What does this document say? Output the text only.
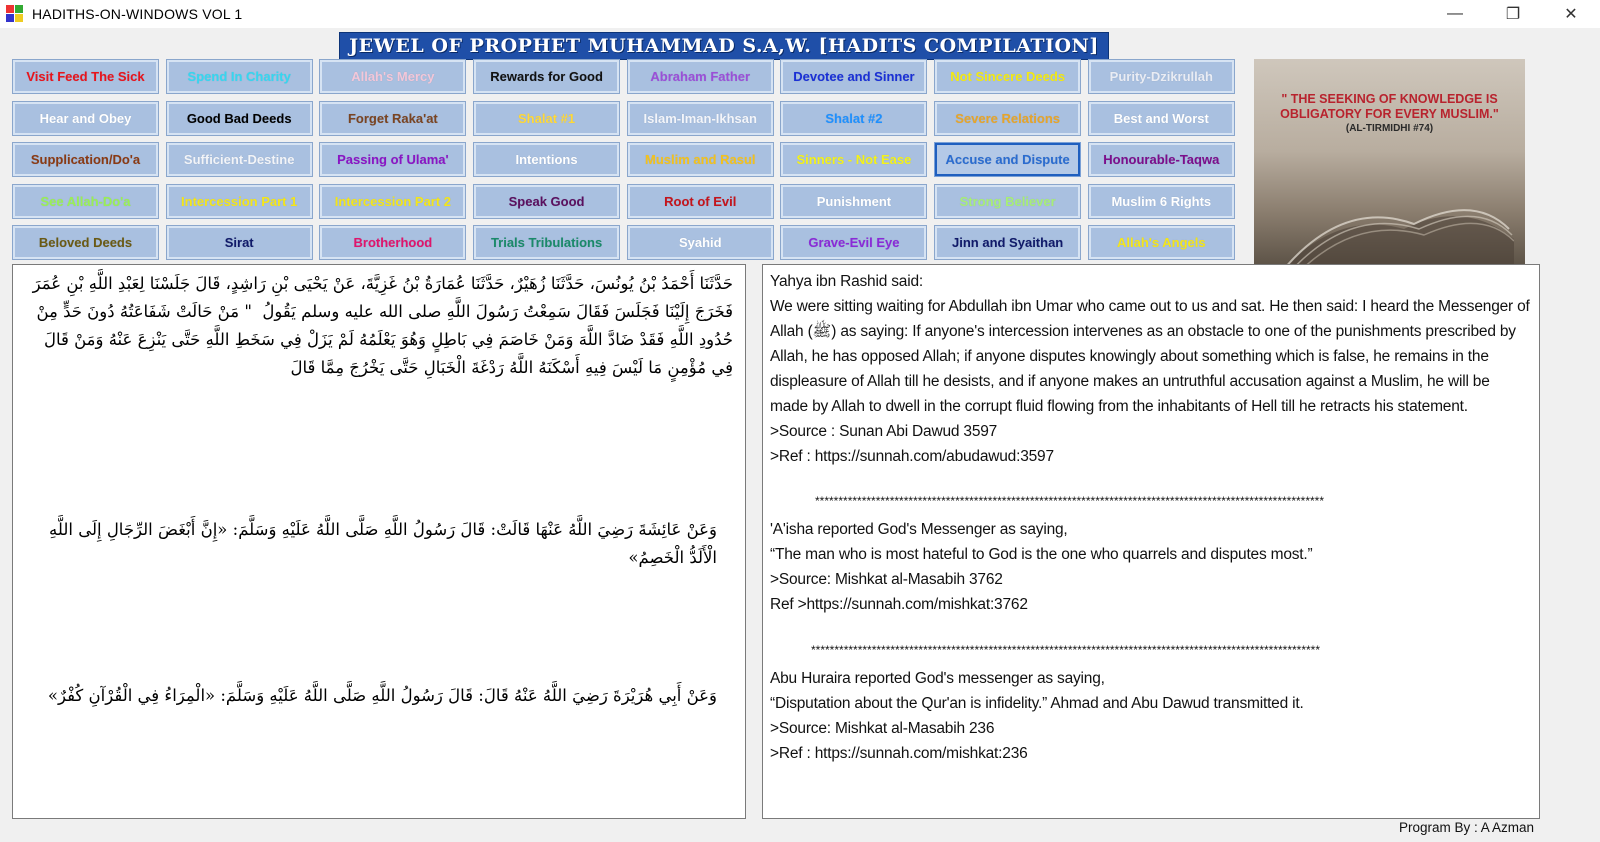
HADITHS-ON-WINDOWS VOL 1	—	❐	✕
JEWEL OF PROPHET MUHAMMAD S.A,W. [HADITS COMPILATION]
Visit Feed The Sick	Spend In Charity	Allah's Mercy	Rewards for Good	Abraham Father	Devotee and Sinner	Not Sincere Deeds	Purity-Dzikrullah
Hear and Obey	Good Bad Deeds	Forget Raka'at	Shalat #1	Islam-Iman-Ikhsan	Shalat #2	Severe Relations	Best and Worst
Supplication/Do'a	Sufficient-Destine	Passing of Ulama'	Intentions	Muslim and Rasul	Sinners - Not Ease	Accuse and Dispute	Honourable-Taqwa
See Allah-Do'a	Intercession Part 1	Intercession Part 2	Speak Good	Root of Evil	Punishment	Strong Believer	Muslim 6 Rights
Beloved Deeds	Sirat	Brotherhood	Trials Tribulations	Syahid	Grave-Evil Eye	Jinn and Syaithan	Allah's Angels
" THE SEEKING OF KNOWLEDGE IS OBLIGATORY FOR EVERY MUSLIM."
(AL-TIRMIDHI #74)
حَدَّثَنَا أَحْمَدُ بْنُ يُونُسَ، حَدَّثَنَا زُهَيْرٌ، حَدَّثَنَا عُمَارَةُ بْنُ غَزِيَّةَ، عَنْ يَحْيَى بْنِ رَاشِدٍ، قَالَ جَلَسْنَا لِعَبْدِ اللَّهِ بْنِ عُمَرَ فَخَرَجَ إِلَيْنَا فَجَلَسَ فَقَالَ سَمِعْتُ رَسُولَ اللَّهِ صلى الله عليه وسلم يَقُولُ ‏ "‏ مَنْ حَالَتْ شَفَاعَتُهُ دُونَ حَدٍّ مِنْ حُدُودِ اللَّهِ فَقَدْ ضَادَّ اللَّهَ وَمَنْ خَاصَمَ فِي بَاطِلٍ وَهُوَ يَعْلَمُهُ لَمْ يَزَلْ فِي سَخَطِ اللَّهِ حَتَّى يَنْزِعَ عَنْهُ وَمَنْ قَالَ فِي مُؤْمِنٍ مَا لَيْسَ فِيهِ أَسْكَنَهُ اللَّهُ رَدْغَةَ الْخَبَالِ حَتَّى يَخْرُجَ مِمَّا قَالَ
وَعَنْ عَائِشَةَ رَضِيَ اللَّهُ عَنْهَا قَالَتْ: قَالَ رَسُولُ اللَّهِ صَلَّى اللَّهُ عَلَيْهِ وَسَلَّمَ: «إِنَّ أَبْغَضَ الرِّجَالِ إِلَى اللَّهِ الْأَلَدُّ الْخَصِمُ»
وَعَنْ أَبِي هُرَيْرَةَ رَضِيَ اللَّهُ عَنْهُ قَالَ: قَالَ رَسُولُ اللَّهِ صَلَّى اللَّهُ عَلَيْهِ وَسَلَّمَ: «الْمِرَاءُ فِي الْقُرْآنِ كُفْرٌ»

Yahya ibn Rashid said:

We were sitting waiting for Abdullah ibn Umar who came out to us and sat. He then said: I heard the Messenger of Allah (ﷺ) as saying: If anyone's intercession intervenes as an obstacle to one of the punishments prescribed by Allah, he has opposed Allah; if anyone disputes knowingly about something which is false, he remains in the displeasure of Allah till he desists, and if anyone makes an untruthful accusation against a Muslim, he will be made by Allah to dwell in the corrupt fluid flowing from the inhabitants of Hell till he retracts his statement.

>Source : Sunan Abi Dawud 3597

>Ref : https://sunnah.com/abudawud:3597

*************************************************************************************************************

'A'isha reported God's Messenger as saying,

“The man who is most hateful to God is the one who quarrels and disputes most.”

>Source: Mishkat al-Masabih 3762

Ref >https://sunnah.com/mishkat:3762

*************************************************************************************************************

Abu Huraira reported God's messenger as saying,

“Disputation about the Qur'an is infidelity.” Ahmad and Abu Dawud transmitted it.

>Source: Mishkat al-Masabih 236

>Ref : https://sunnah.com/mishkat:236

Program By : A Azman
